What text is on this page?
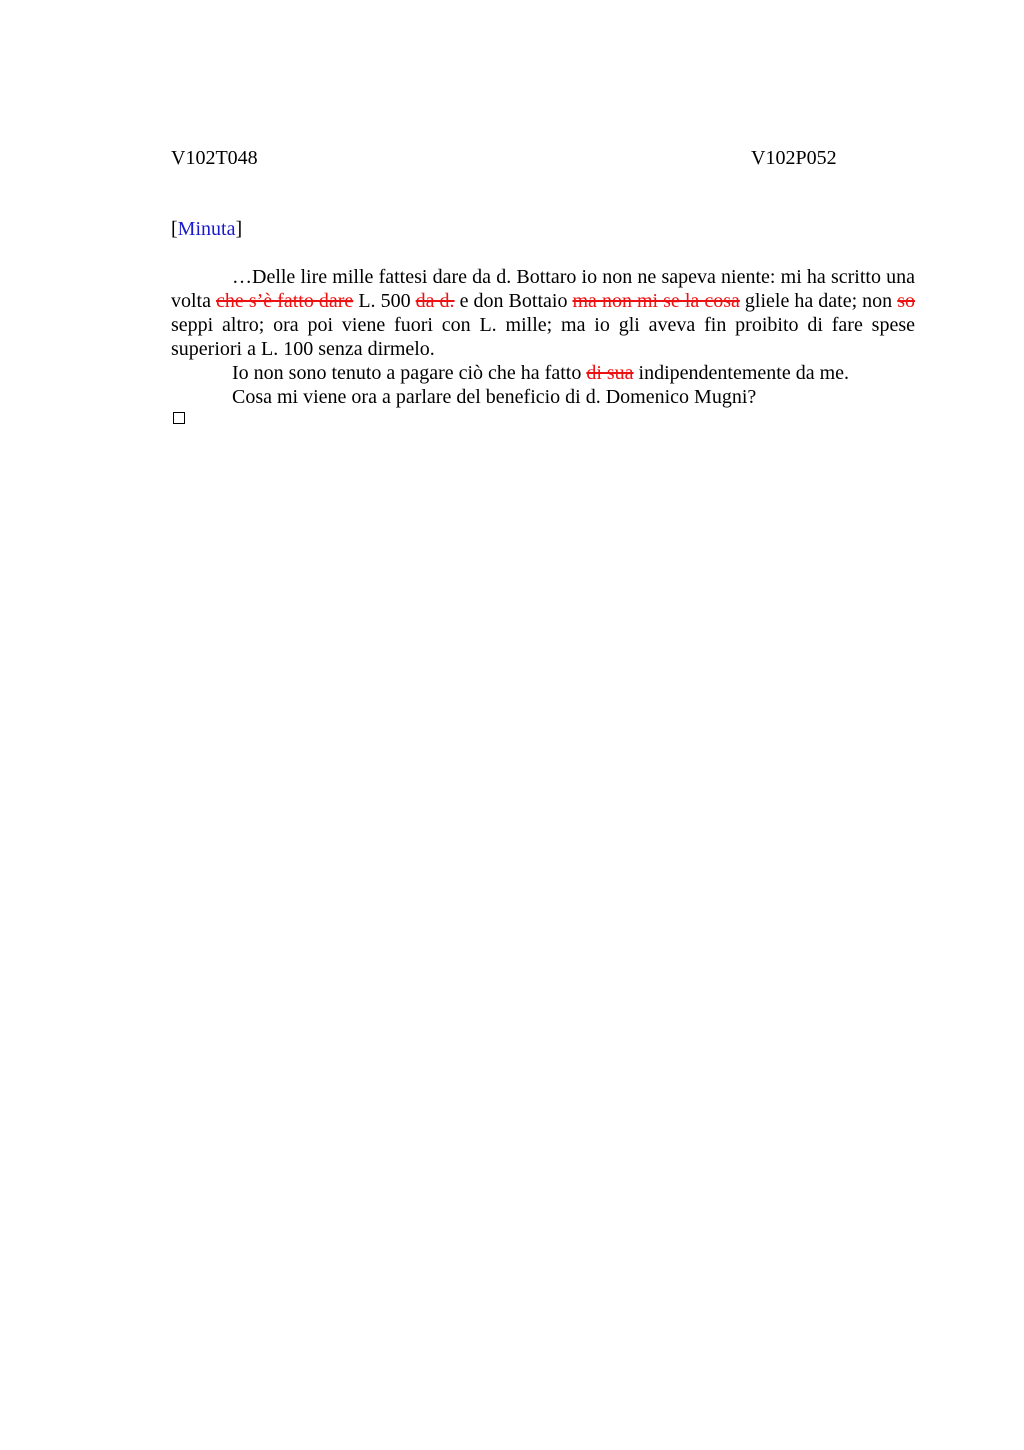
V102T048	V102P052
[Minuta]

…Delle lire mille fattesi dare da d. Bottaro io non ne sapeva niente: mi ha scritto una volta che s’è fatto dare L. 500 da d. e don Bottaio ma non mi se la cosa gliele ha date; non so seppi altro; ora poi viene fuori con L. mille; ma io gli aveva fin proibito di fare spese superiori a L. 100 senza dirmelo.

Io non sono tenuto a pagare ciò che ha fatto di sua indipendentemente da me.

Cosa mi viene ora a parlare del beneficio di d. Domenico Mugni?
